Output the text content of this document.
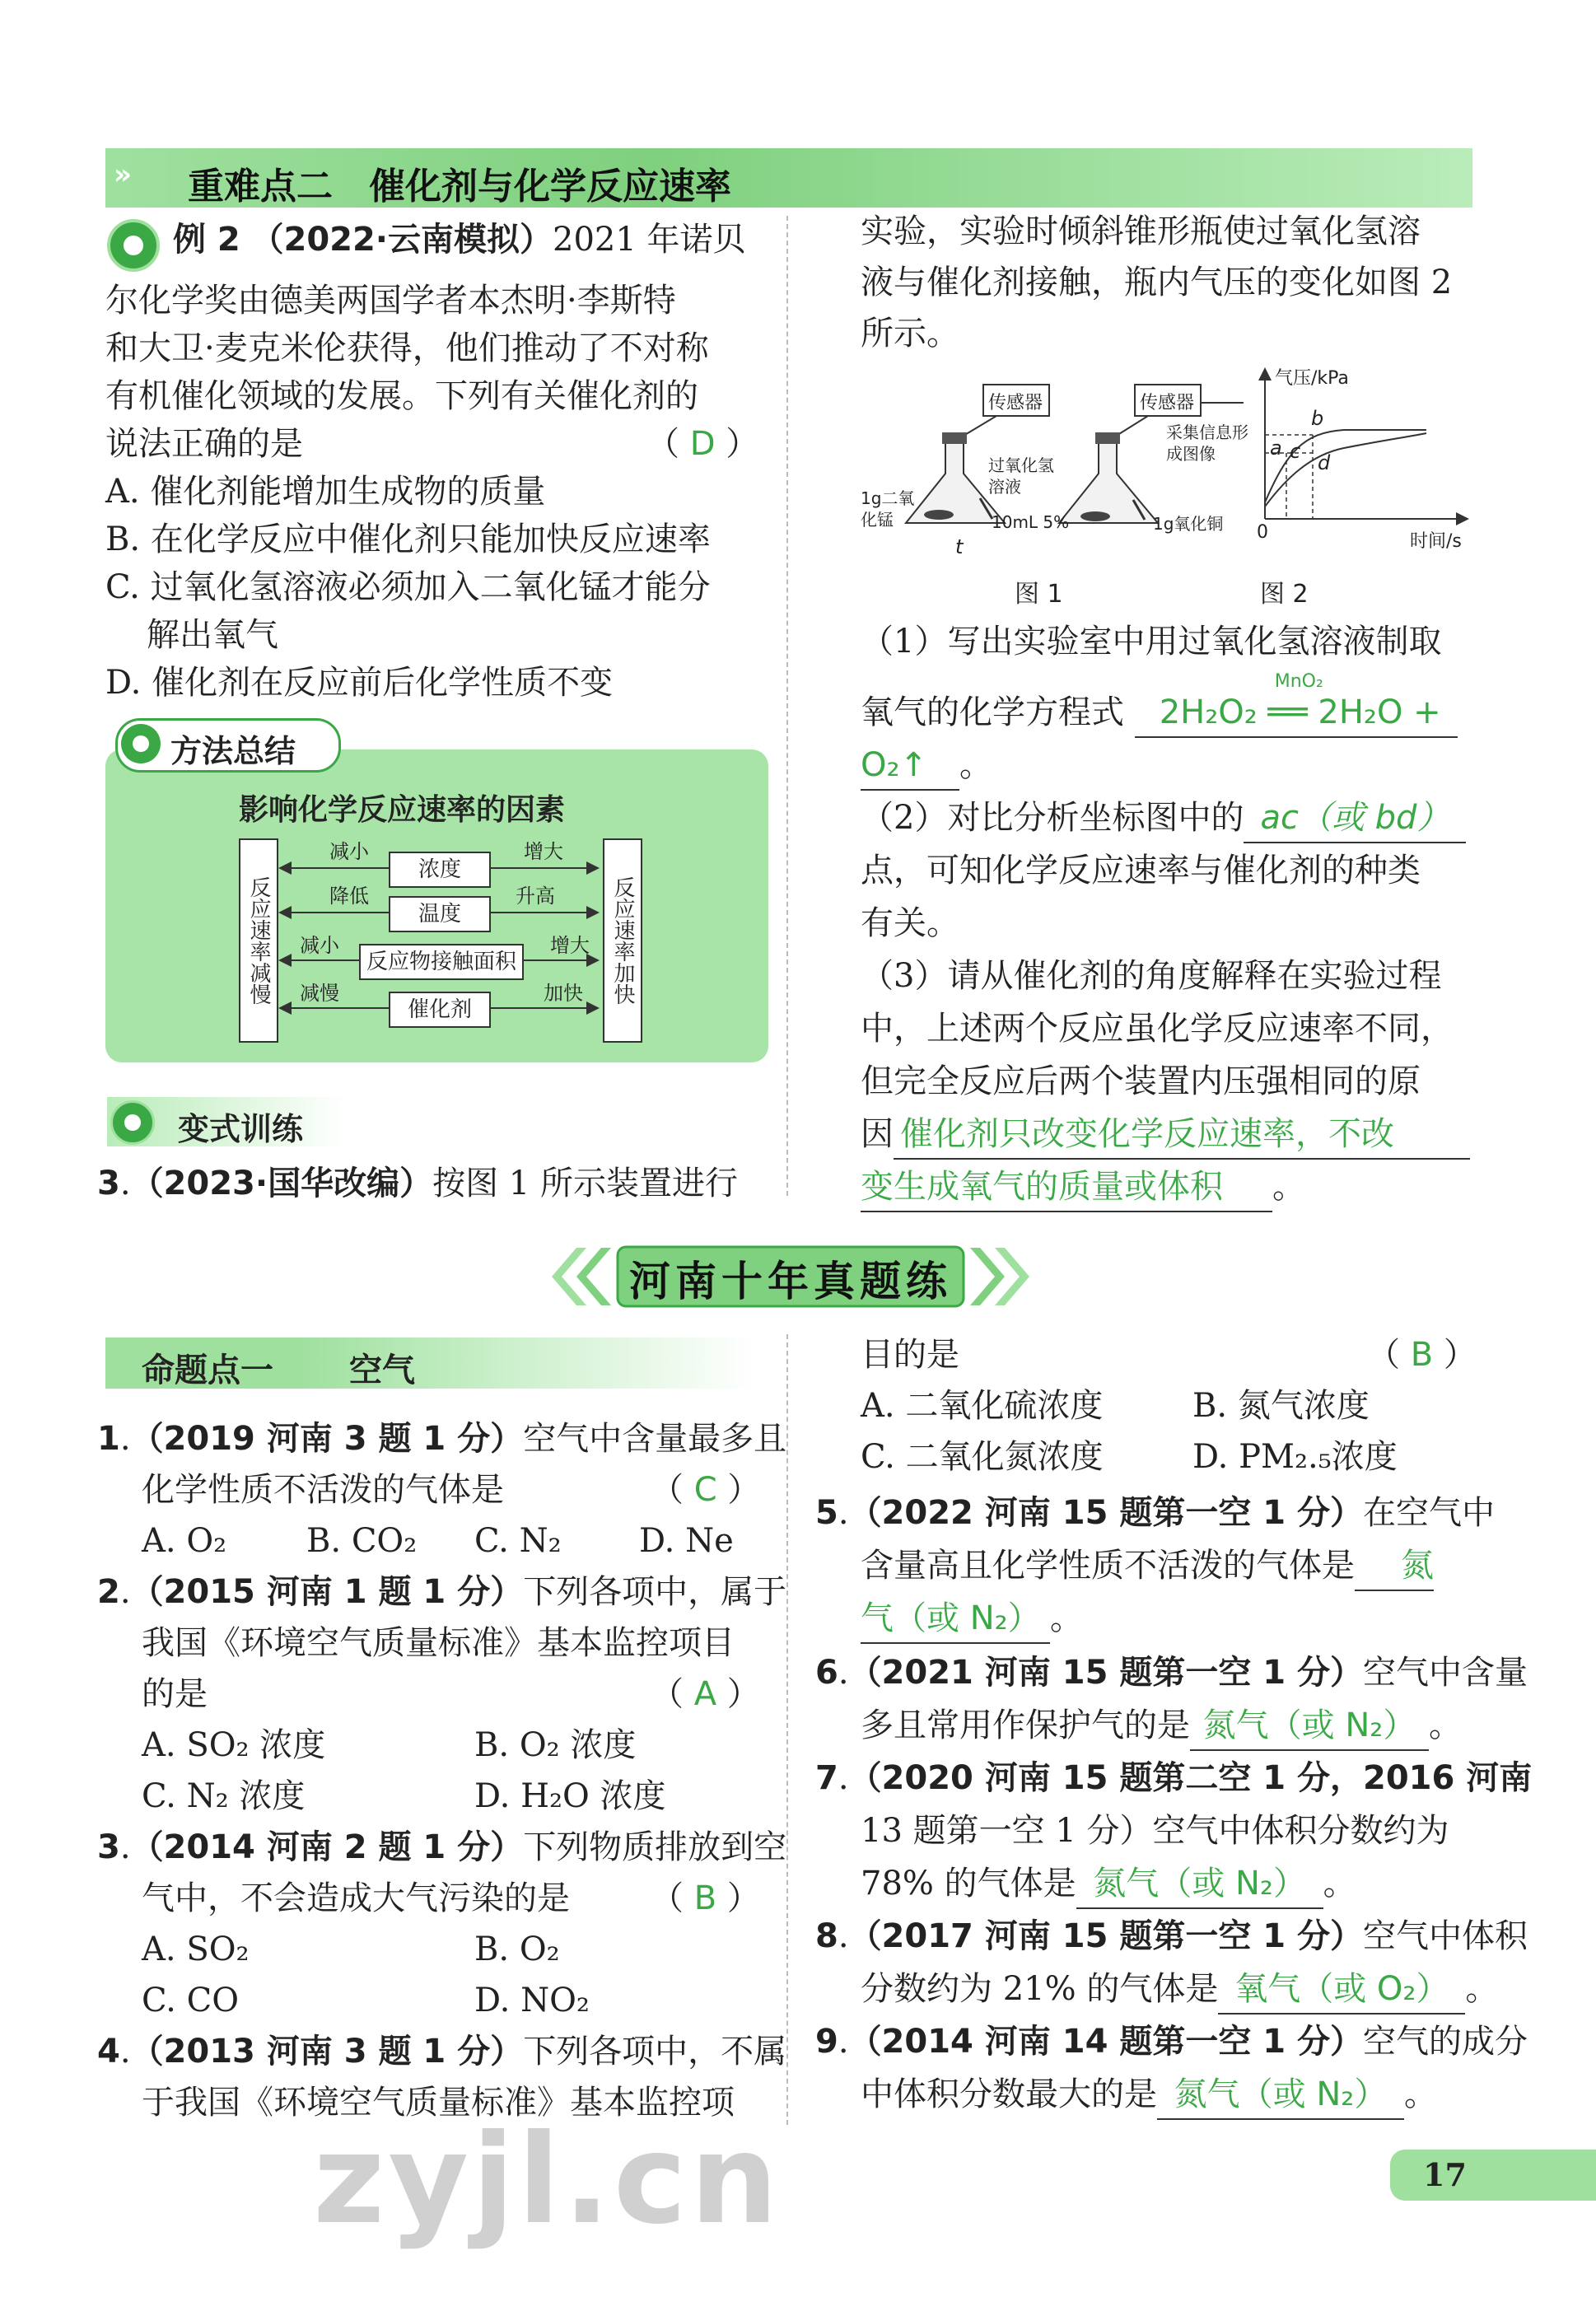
» 重难点二　催化剂与化学反应速率
例 2 （2022·云南模拟）2021 年诺贝
尔化学奖由德美两国学者本杰明·李斯特
和大卫·麦克米伦获得，他们推动了不对称
有机催化领域的发展。下列有关催化剂的
说法正确的是	（ D ）
A. 催化剂能增加生成物的质量
B. 在化学反应中催化剂只能加快反应速率
C. 过氧化氢溶液必须加入二氧化锰才能分
解出氧气
D. 催化剂在反应前后化学性质不变
方法总结
影响化学反应速率的因素
反应速率减慢	反应速率加快
浓度
温度
反应物接触面积
催化剂
减小
降低
减小
减慢
增大
升高
增大
加快
变式训练
3.（2023·国华改编）按图 1 所示装置进行
实验，实验时倾斜锥形瓶使过氧化氢溶
液与催化剂接触，瓶内气压的变化如图 2
所示。
传感器	传感器
1g二氧化锰
过氧化氢溶液
10mL 5%	1g氧化铜
t
采集信息形成图像
图 1
气压/kPa
时间/s
0
a
b
c d
图 2
（1）写出实验室中用过氧化氢溶液制取
氧气的化学方程式
MnO₂
2H₂O₂ ══ 2H₂O +
O₂↑ 。
（2）对比分析坐标图中的 ac（或 bd）
点，可知化学反应速率与催化剂的种类
有关。
（3）请从催化剂的角度解释在实验过程
中，上述两个反应虽化学反应速率不同，
但完全反应后两个装置内压强相同的原
因 催化剂只改变化学反应速率，不改
变生成氧气的质量或体积 。
河南十年真题练
命题点一 空气
1.（2019 河南 3 题 1 分）空气中含量最多且
化学性质不活泼的气体是	（ C ）
A. O₂ B. CO₂ C. N₂ D. Ne
2.（2015 河南 1 题 1 分）下列各项中，属于
我国《环境空气质量标准》基本监控项目
的是	（ A ）
A. SO₂ 浓度	B. O₂ 浓度
C. N₂ 浓度	D. H₂O 浓度
3.（2014 河南 2 题 1 分）下列物质排放到空
气中，不会造成大气污染的是 （ B ）
A. SO₂	B. O₂
C. CO	D. NO₂
4.（2013 河南 3 题 1 分）下列各项中，不属
于我国《环境空气质量标准》基本监控项
目的是	（ B ）
A. 二氧化硫浓度	B. 氮气浓度
C. 二氧化氮浓度	D. PM₂.₅浓度
5.（2022 河南 15 题第一空 1 分）在空气中
含量高且化学性质不活泼的气体是 氮
气（或 N₂） 。
6.（2021 河南 15 题第一空 1 分）空气中含量
多且常用作保护气的是 氮气（或 N₂） 。
7.（2020 河南 15 题第二空 1 分，2016 河南
13 题第一空 1 分）空气中体积分数约为
78% 的气体是 氮气（或 N₂） 。
8.（2017 河南 15 题第一空 1 分）空气中体积
分数约为 21% 的气体是 氧气（或 O₂） 。
9.（2014 河南 14 题第一空 1 分）空气的成分
中体积分数最大的是 氮气（或 N₂） 。
zyjl.cn	17
